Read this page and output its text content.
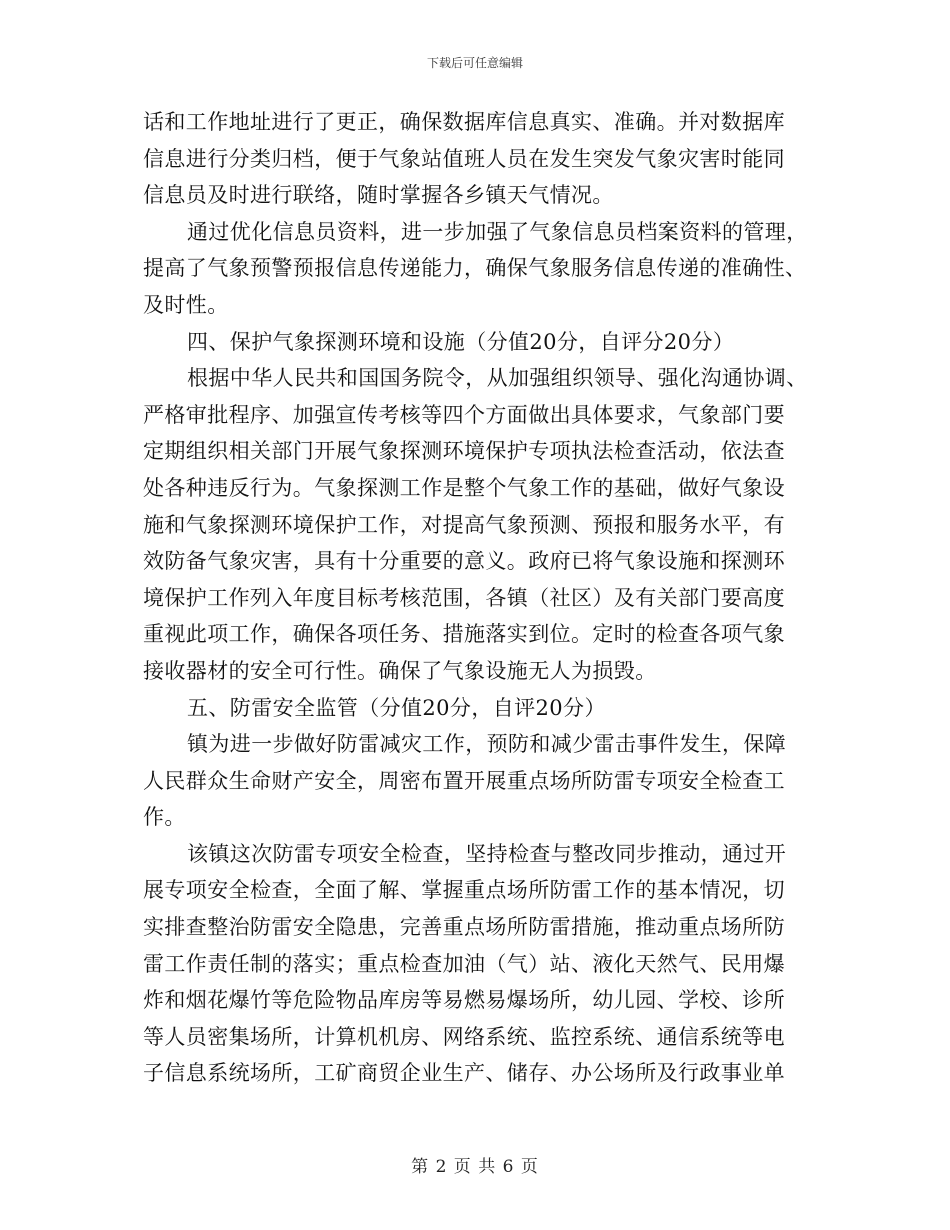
下载后可任意编辑
话和工作地址进行了更正，确保数据库信息真实、准确。并对数据库
信息进行分类归档，便于气象站值班人员在发生突发气象灾害时能同
信息员及时进行联络，随时掌握各乡镇天气情况。
通过优化信息员资料，进一步加强了气象信息员档案资料的管理，
提高了气象预警预报信息传递能力，确保气象服务信息传递的准确性、
及时性。
四、保护气象探测环境和设施（分值20分，自评分20分）
根据中华人民共和国国务院令，从加强组织领导、强化沟通协调、
严格审批程序、加强宣传考核等四个方面做出具体要求，气象部门要
定期组织相关部门开展气象探测环境保护专项执法检查活动，依法查
处各种违反行为。气象探测工作是整个气象工作的基础，做好气象设
施和气象探测环境保护工作，对提高气象预测、预报和服务水平，有
效防备气象灾害，具有十分重要的意义。政府已将气象设施和探测环
境保护工作列入年度目标考核范围，各镇（社区）及有关部门要高度
重视此项工作，确保各项任务、措施落实到位。定时的检查各项气象
接收器材的安全可行性。确保了气象设施无人为损毁。
五、防雷安全监管（分值20分，自评20分）
镇为进一步做好防雷减灾工作，预防和减少雷击事件发生，保障
人民群众生命财产安全，周密布置开展重点场所防雷专项安全检查工
作。
该镇这次防雷专项安全检查，坚持检查与整改同步推动，通过开
展专项安全检查，全面了解、掌握重点场所防雷工作的基本情况，切
实排查整治防雷安全隐患，完善重点场所防雷措施，推动重点场所防
雷工作责任制的落实；重点检查加油（气）站、液化天然气、民用爆
炸和烟花爆竹等危险物品库房等易燃易爆场所，幼儿园、学校、诊所
等人员密集场所，计算机机房、网络系统、监控系统、通信系统等电
子信息系统场所，工矿商贸企业生产、储存、办公场所及行政事业单
第 2 页 共 6 页
